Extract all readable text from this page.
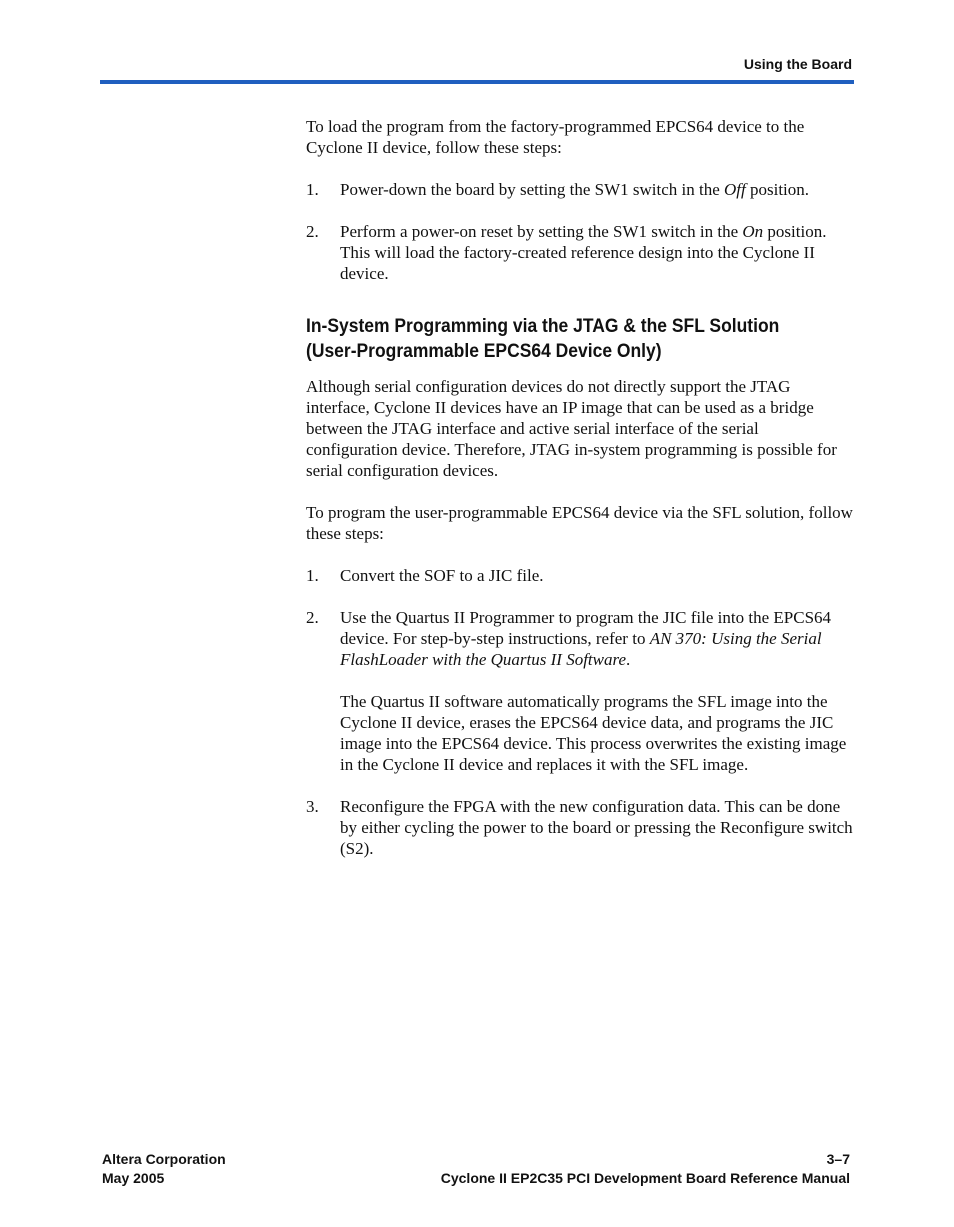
Using the Board

To load the program from the factory-programmed EPCS64 device to the Cyclone II device, follow these steps:

1. Power-down the board by setting the SW1 switch in the Off position.

2. Perform a power-on reset by setting the SW1 switch in the On position. This will load the factory-created reference design into the Cyclone II device.

In-System Programming via the JTAG & the SFL Solution
(User-Programmable EPCS64 Device Only)

Although serial configuration devices do not directly support the JTAG interface, Cyclone II devices have an IP image that can be used as a bridge between the JTAG interface and active serial interface of the serial configuration device. Therefore, JTAG in-system programming is possible for serial configuration devices.

To program the user-programmable EPCS64 device via the SFL solution, follow these steps:

1. Convert the SOF to a JIC file.

2. Use the Quartus II Programmer to program the JIC file into the EPCS64 device. For step-by-step instructions, refer to AN 370: Using the Serial FlashLoader with the Quartus II Software.

The Quartus II software automatically programs the SFL image into the Cyclone II device, erases the EPCS64 device data, and programs the JIC image into the EPCS64 device. This process overwrites the existing image in the Cyclone II device and replaces it with the SFL image.

3. Reconfigure the FPGA with the new configuration data. This can be done by either cycling the power to the board or pressing the Reconfigure switch (S2).

Altera Corporation
May 2005
3–7
Cyclone II EP2C35 PCI Development Board Reference Manual
